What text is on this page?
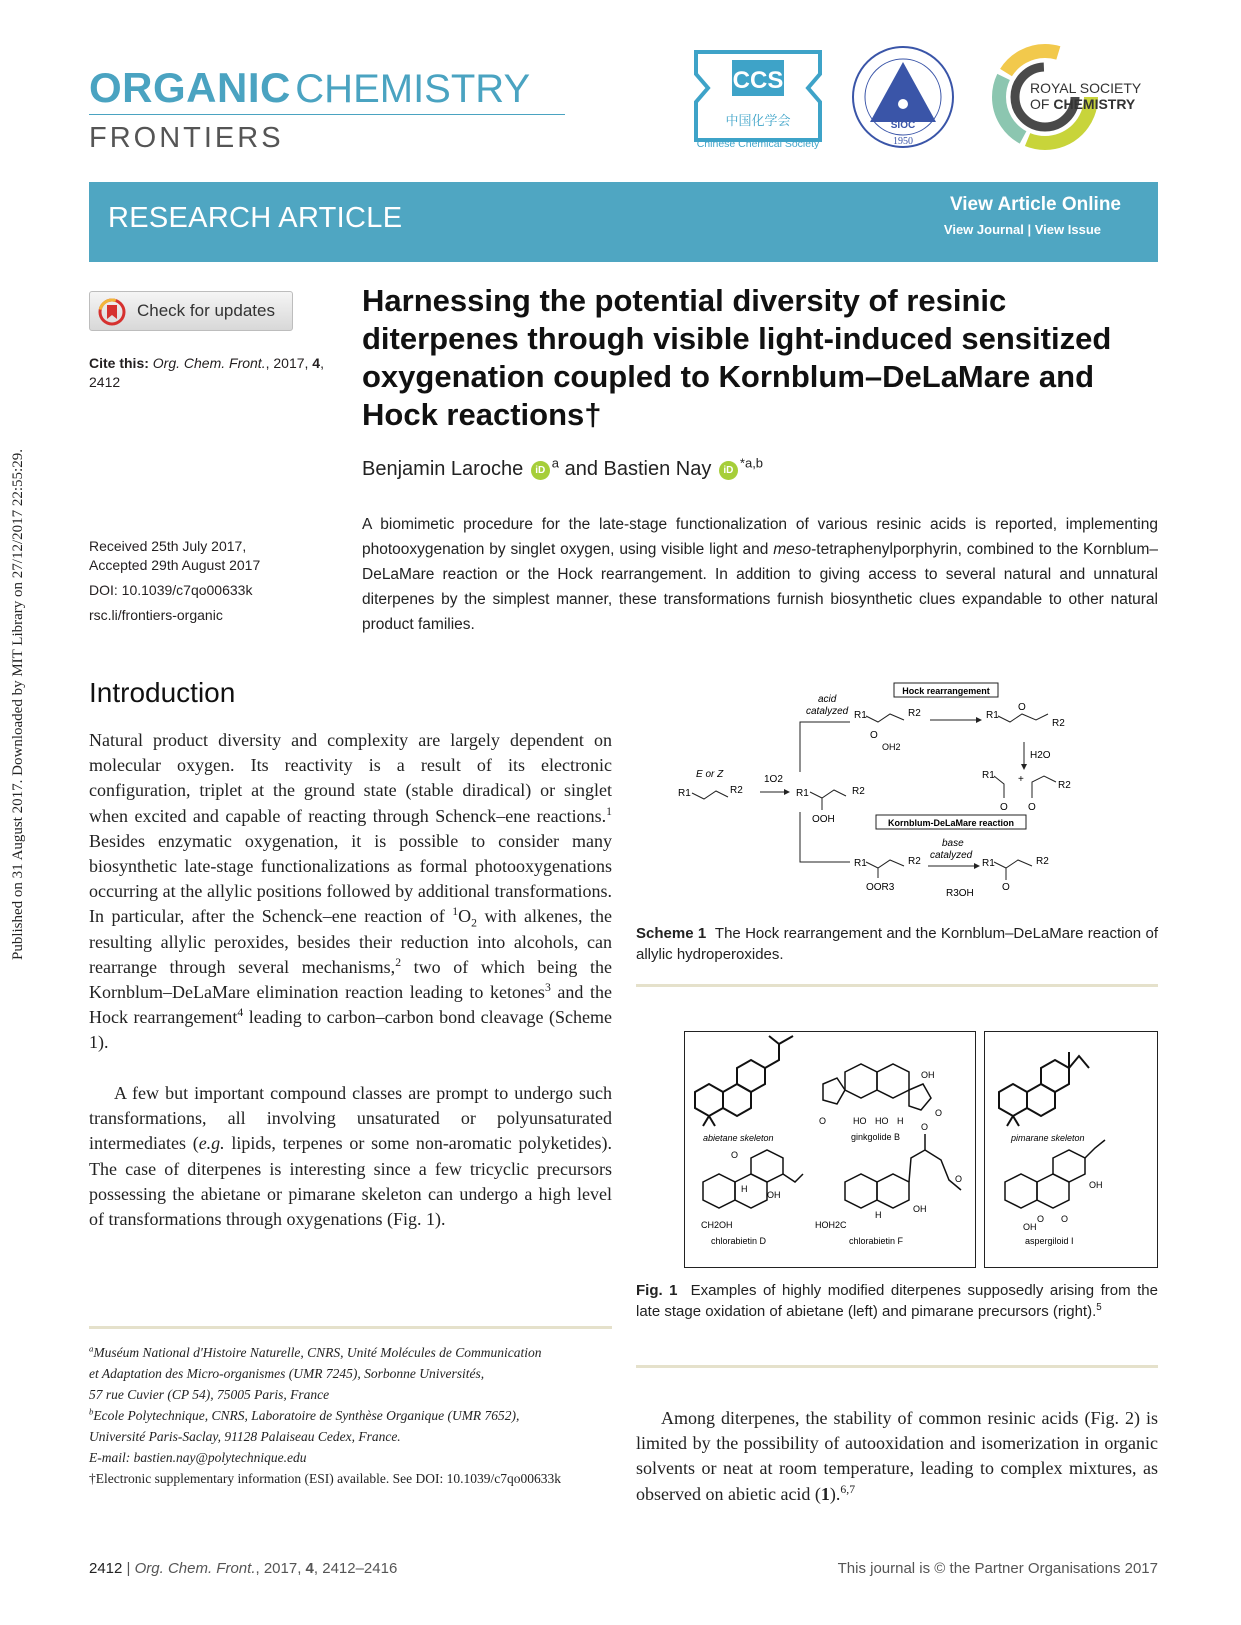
Published on 31 August 2017. Downloaded by MIT Library on 27/12/2017 22:55:29.
ORGANIC CHEMISTRY
FRONTIERS
CCS
中国化学会
Chinese Chemical Society
SIOC
1950
ROYAL SOCIETY
OF CHEMISTRY
RESEARCH ARTICLE	View Article Online
View Journal | View Issue
Check for updates
Cite this: Org. Chem. Front., 2017, 4, 2412
Received 25th July 2017,
Accepted 29th August 2017
DOI: 10.1039/c7qo00633k
rsc.li/frontiers-organic
Harnessing the potential diversity of resinic diterpenes through visible light-induced sensitized oxygenation coupled to Kornblum–DeLaMare and Hock reactions†
Benjamin Laroche $iD^a$ and Bastien Nay iD$^{*a,b}$
A biomimetic procedure for the late-stage functionalization of various resinic acids is reported, implementing photooxygenation by singlet oxygen, using visible light and meso-tetraphenylporphyrin, combined to the Kornblum–DeLaMare reaction or the Hock rearrangement. In addition to giving access to several natural and unnatural diterpenes by the simplest manner, these transformations furnish biosynthetic clues expandable to other natural product families.
Introduction
Natural product diversity and complexity are largely dependent on molecular oxygen. Its reactivity is a result of its electronic configuration, triplet at the ground state (stable diradical) or singlet when excited and capable of reacting through Schenck–ene reactions.$^1$ Besides enzymatic oxygenation, it is possible to consider many biosynthetic late-stage functionalizations as formal photooxygenations occurring at the allylic positions followed by additional transformations. In particular, after the Schenck–ene reaction of $^1O_2$ with alkenes, the resulting allylic peroxides, besides their reduction into alcohols, can rearrange through several mechanisms,$^2$ two of which being the Kornblum–DeLaMare elimination reaction leading to ketones$^3$ and the Hock rearrangement$^4$ leading to carbon–carbon bond cleavage (Scheme 1).
A few but important compound classes are prompt to undergo such transformations, all involving unsaturated or polyunsaturated intermediates (e.g. lipids, terpenes or some non-aromatic polyketides). The case of diterpenes is interesting since a few tricyclic precursors possessing the abietane or pimarane skeleton can undergo a high level of transformations through oxygenations (Fig. 1).
$^a$Muséum National d'Histoire Naturelle, CNRS, Unité Molécules de Communication
et Adaptation des Micro-organismes (UMR 7245), Sorbonne Universités,
57 rue Cuvier (CP 54), 75005 Paris, France
$^b$Ecole Polytechnique, CNRS, Laboratoire de Synthèse Organique (UMR 7652),
Université Paris-Saclay, 91128 Palaiseau Cedex, France.
E-mail: bastien.nay@polytechnique.edu
†Electronic supplementary information (ESI) available. See DOI: 10.1039/c7qo00633k
E or Z
R1	R2
1O2
R1	R2
OOH
acid
catalyzed
Hock rearrangement
R1	R2
O
OH2
R1
O
R2
H2O
R1
O
+
O
R2
Kornblum-DeLaMare reaction
R1	R2
OOR3
base
catalyzed
R3OH
R1
O
R2
Scheme 1 The Hock rearrangement and the Kornblum–DeLaMare reaction of allylic hydroperoxides.
abietane skeleton
OH
O
O
HO HO H
ginkgolide B
O
H
OH
CH2OH
chlorabietin D
O
O
OH
H
HOH2C
chlorabietin F
pimarane skeleton
OH
O O
OH
aspergiloid I
Fig. 1 Examples of highly modified diterpenes supposedly arising from the late stage oxidation of abietane (left) and pimarane precursors (right).$^5$
Among diterpenes, the stability of common resinic acids (Fig. 2) is limited by the possibility of autooxidation and isomerization in organic solvents or neat at room temperature, leading to complex mixtures, as observed on abietic acid (1).$^{6,7}$
2412 | Org. Chem. Front., 2017, 4, 2412–2416	This journal is © the Partner Organisations 2017
